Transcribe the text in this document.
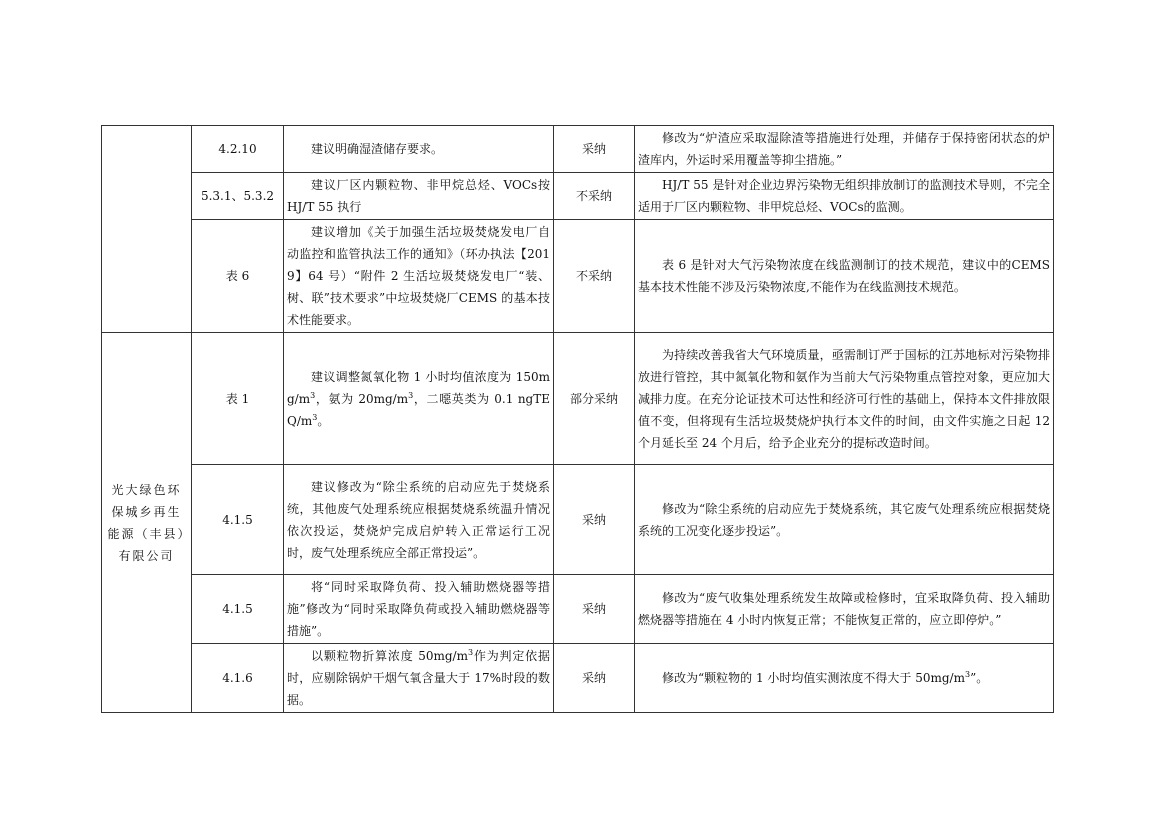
	4.2.10	建议明确湿渣储存要求。	采纳	修改为“炉渣应采取湿除渣等措施进行处理，并储存于保持密闭状态的炉渣库内，外运时采用覆盖等抑尘措施。”
	5.3.1、5.3.2	建议厂区内颗粒物、非甲烷总烃、VOCs按 HJ/T 55 执行	不采纳	HJ/T 55 是针对企业边界污染物无组织排放制订的监测技术导则，不完全适用于厂区内颗粒物、非甲烷总烃、VOCs的监测。
	表 6	建议增加《关于加强生活垃圾焚烧发电厂自动监控和监管执法工作的通知》（环办执法【2019】64 号）“附件 2 生活垃圾焚烧发电厂“装、树、联”技术要求”中垃圾焚烧厂CEMS 的基本技术性能要求。	不采纳	表 6 是针对大气污染物浓度在线监测制订的技术规范，建议中的CEMS 基本技术性能不涉及污染物浓度,不能作为在线监测技术规范。
光大绿色环保城乡再生能源（丰县）有限公司	表 1	建议调整氮氧化物 1 小时均值浓度为 $150mg/m^3$，氨为 $20mg/m^3$，二噁英类为 0.1 ngTEQ/$m^3$。	部分采纳	为持续改善我省大气环境质量，亟需制订严于国标的江苏地标对污染物排放进行管控，其中氮氧化物和氨作为当前大气污染物重点管控对象，更应加大减排力度。在充分论证技术可达性和经济可行性的基础上，保持本文件排放限值不变，但将现有生活垃圾焚烧炉执行本文件的时间，由文件实施之日起 12 个月延长至 24 个月后，给予企业充分的提标改造时间。
	4.1.5	建议修改为“除尘系统的启动应先于焚烧系统，其他废气处理系统应根据焚烧系统温升情况依次投运，焚烧炉完成启炉转入正常运行工况时，废气处理系统应全部正常投运”。	采纳	修改为“除尘系统的启动应先于焚烧系统，其它废气处理系统应根据焚烧系统的工况变化逐步投运”。
	4.1.5	将“同时采取降负荷、投入辅助燃烧器等措施”修改为“同时采取降负荷或投入辅助燃烧器等措施”。	采纳	修改为“废气收集处理系统发生故障或检修时，宜采取降负荷、投入辅助燃烧器等措施在 4 小时内恢复正常；不能恢复正常的，应立即停炉。”
	4.1.6	以颗粒物折算浓度 $50mg/m^3$作为判定依据时，应剔除锅炉干烟气氧含量大于 17%时段的数据。	采纳	修改为“颗粒物的 1 小时均值实测浓度不得大于 $50mg/m^3$”。
